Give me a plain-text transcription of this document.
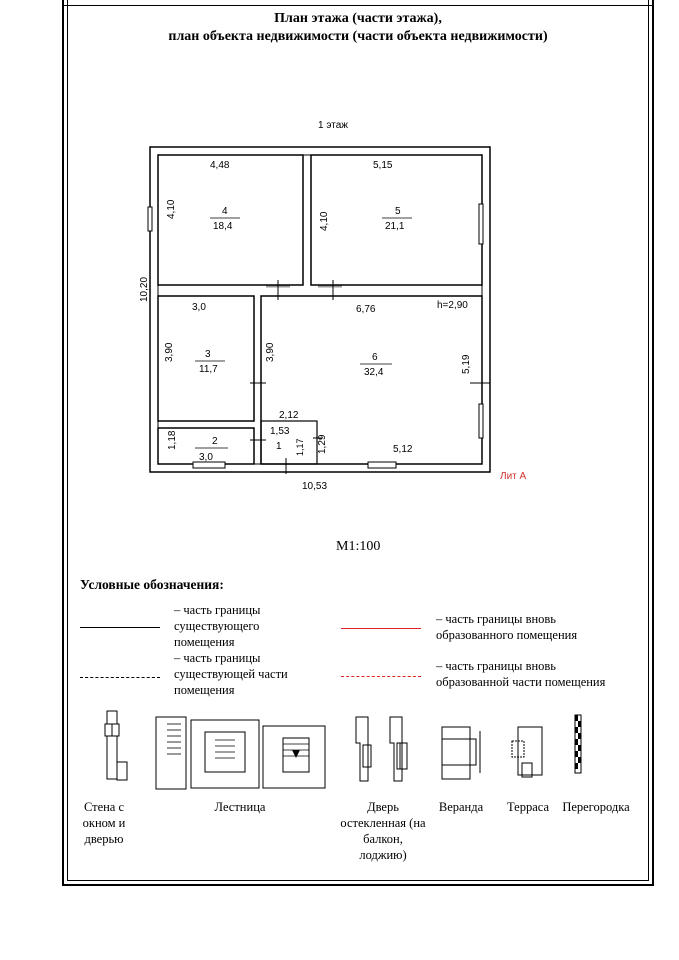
План этажа (части этажа),
план объекта недвижимости (части объекта недвижимости)
1 этаж
4,48
4
18,4
4,10
5,15
5
21,1
4,10
10,20
3,0
3
11,7
3,90
6,76	h=2,90
6
32,4
3,90
5,19
2,12
5,12
2
3,0
1,18	1,53
1 1,17 1,29
10,53
Лит А
М1:100
Условные обозначения:
– часть границы существующего помещения
– часть границы существующей части помещения
– часть границы вновь образованного помещения
– часть границы вновь образованной части помещения
Стена с окном и дверью
Лестница	Дверь остекленная (на балкон, лоджию)
Веранда	Терраса	Перегородка
